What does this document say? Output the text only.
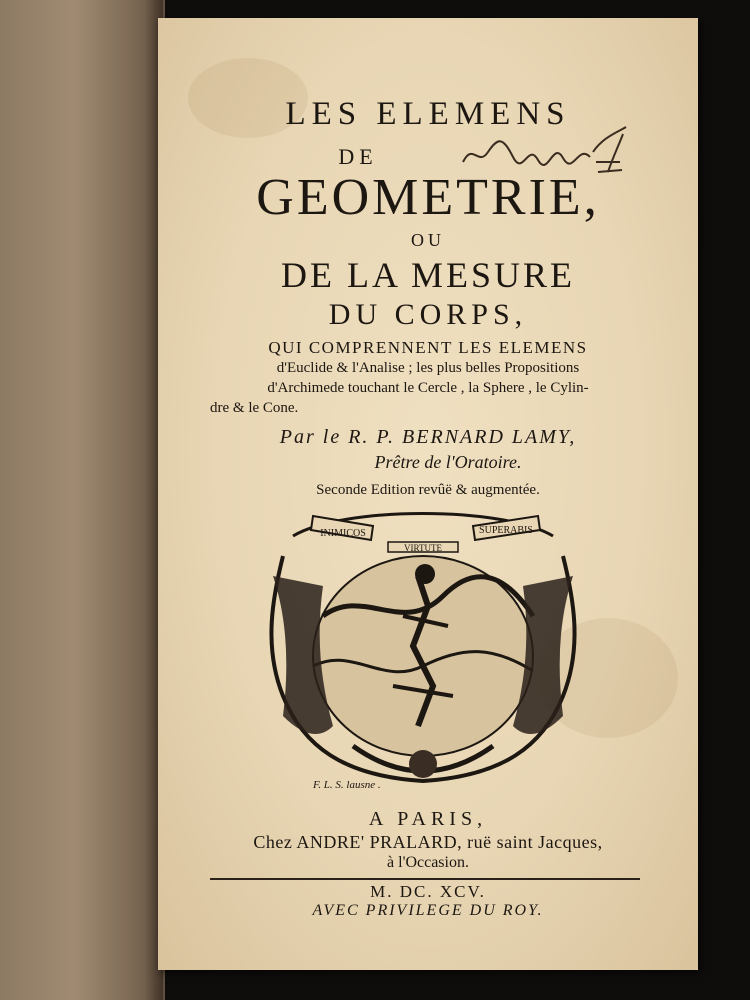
LES ELEMENS
DE
GEOMETRIE,
OU
DE LA MESURE
DU CORPS,
QUI COMPRENNENT LES ELEMENS
d'Euclide & l'Analise ; les plus belles Propositions
d'Archimede touchant le Cercle , la Sphere , le Cylin-
dre & le Cone.
Par le R. P. BERNARD LAMY,
Prêtre de l'Oratoire.
Seconde Edition revûë & augmentée.
INIMICOS	SUPERABIS
VIRTUTE
F. L. S. lausne .
A PARIS,
Chez ANDRE' PRALARD, ruë saint Jacques,
à l'Occasion.
M. DC. XCV.
AVEC PRIVILEGE DU ROY.
